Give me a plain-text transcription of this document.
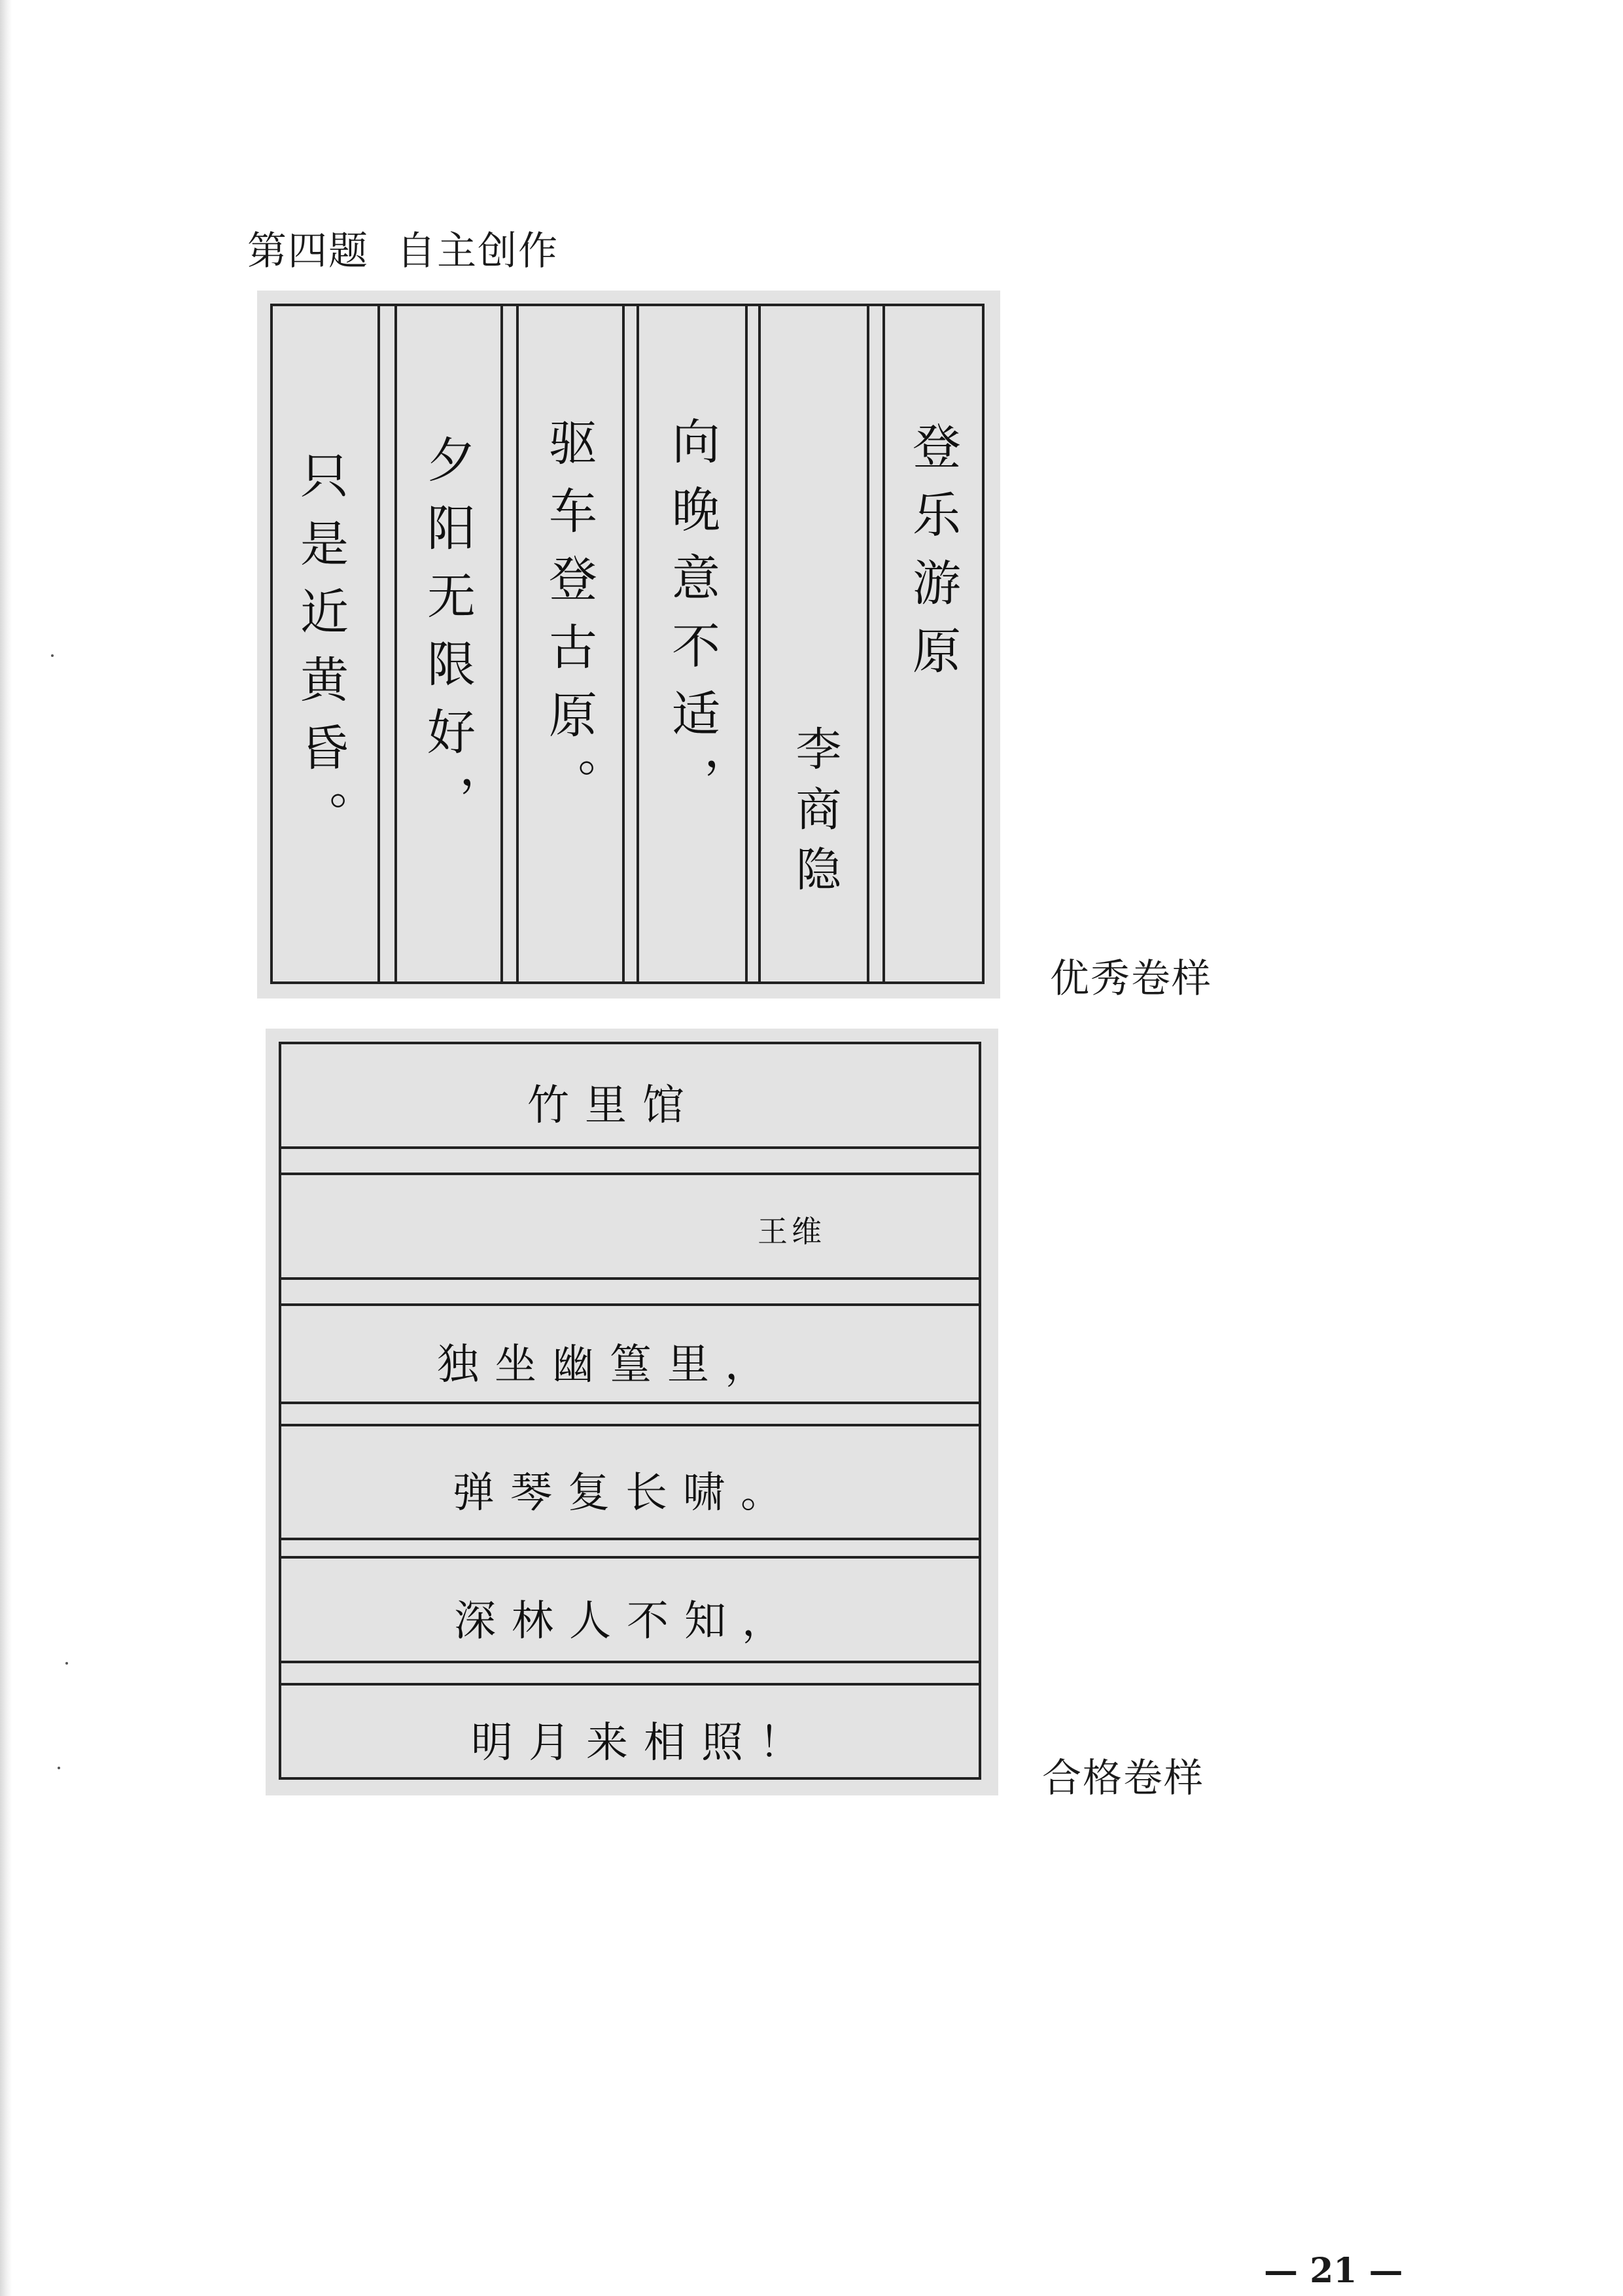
第四题  自主创作
只是近黄昏。 夕阳无限好， 驱车登古原。 向晚意不适， 李商隐
登乐游原
优秀卷样
竹里馆
王维
独坐幽篁里，
弹琴复长啸。
深林人不知，
明月来相照！
合格卷样
— 21 —
